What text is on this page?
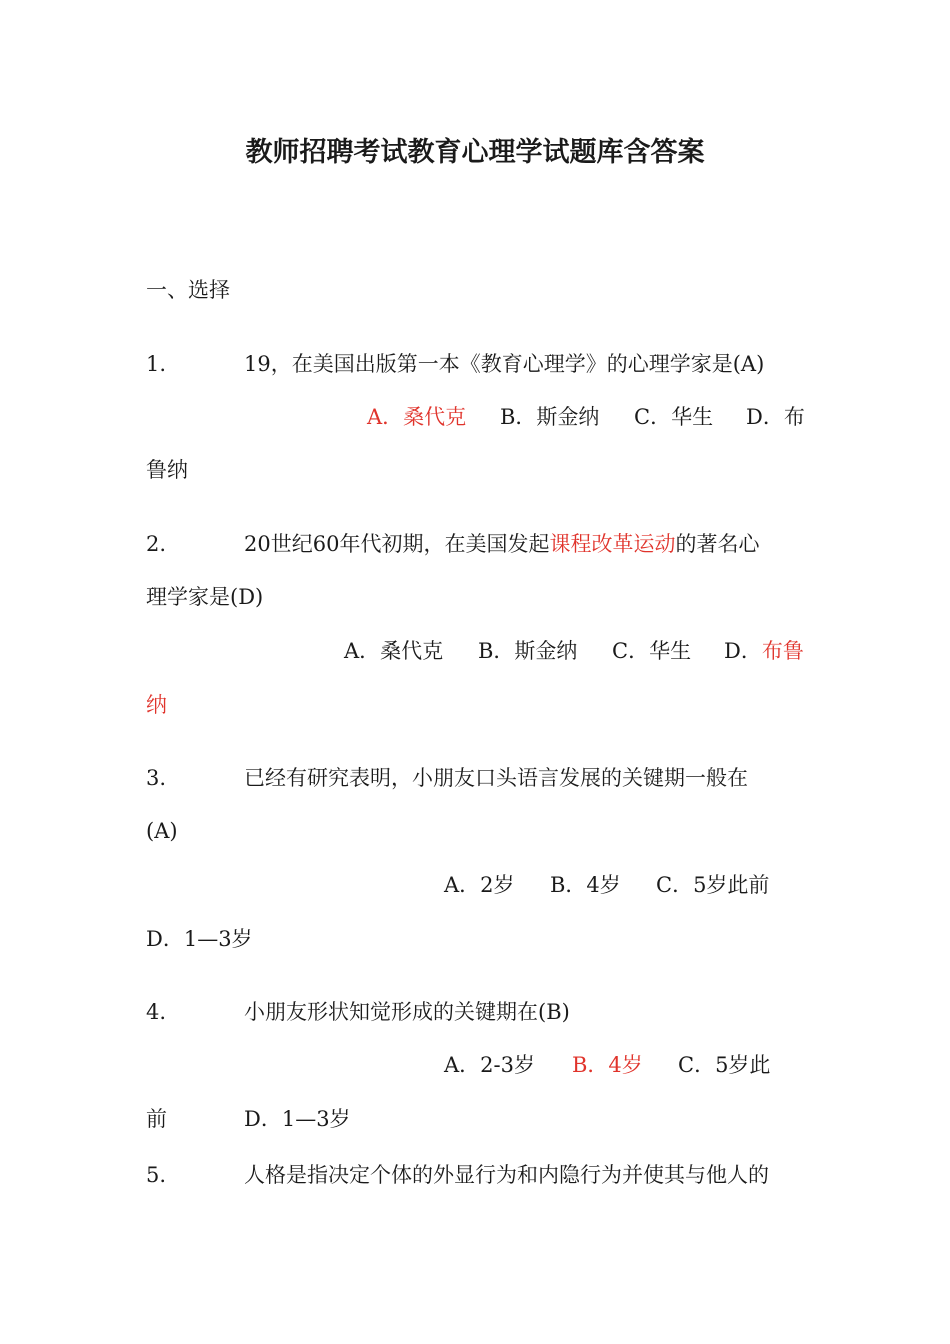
教师招聘考试教育心理学试题库含答案
一、选择
1.	19，在美国出版第一本《教育心理学》的心理学家是(A)
A．桑代克 B．斯金纳 C．华生 D．布
鲁纳
2.	20世纪60年代初期，在美国发起课程改革运动的著名心
理学家是(D)
A．桑代克 B．斯金纳 C．华生 D．布鲁
纳
3.	已经有研究表明，小朋友口头语言发展的关键期一般在
(A)
A．2岁 B．4岁 C．5岁此前
D．1—3岁
4.	小朋友形状知觉形成的关键期在(B)
A．2-3岁 B．4岁 C．5岁此
前	D．1—3岁
5.	人格是指决定个体的外显行为和内隐行为并使其与他人的
